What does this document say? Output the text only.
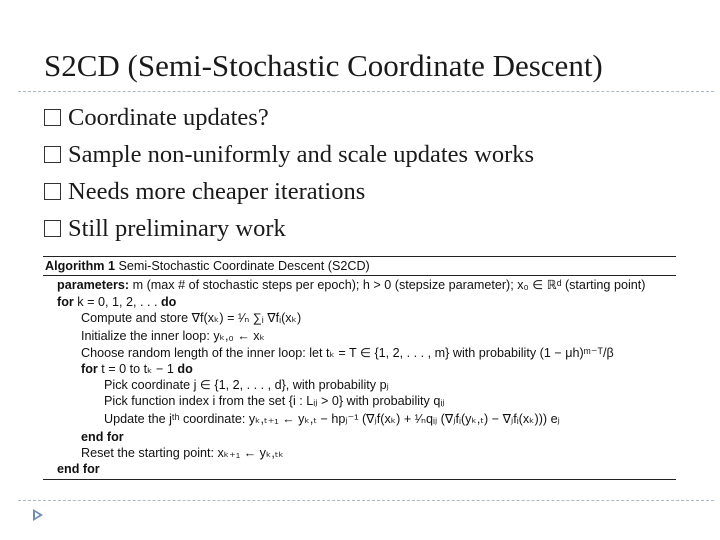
S2CD (Semi-Stochastic Coordinate Descent)
Coordinate updates?
Sample non-uniformly and scale updates works
Needs more cheaper iterations
Still preliminary work
Algorithm 1 Semi-Stochastic Coordinate Descent (S2CD)
parameters: m (max # of stochastic steps per epoch); h > 0 (stepsize parameter); x₀ ∈ ℝᵈ (starting point)
for k = 0, 1, 2, . . . do
Compute and store ∇f(xₖ) = ¹⁄ₙ ∑ᵢ ∇fᵢ(xₖ)
Initialize the inner loop: yₖ,₀ ← xₖ
Choose random length of the inner loop: let tₖ = T ∈ {1, 2, . . . , m} with probability (1 − μh)ᵐ⁻ᵀ/β
for t = 0 to tₖ − 1 do
Pick coordinate j ∈ {1, 2, . . . , d}, with probability pⱼ
Pick function index i from the set {i : Lᵢⱼ > 0} with probability qᵢⱼ
Update the jᵗʰ coordinate: yₖ,ₜ₊₁ ← yₖ,ₜ − hpⱼ⁻¹ (∇ⱼf(xₖ) + ¹⁄ₙqᵢⱼ (∇ⱼfᵢ(yₖ,ₜ) − ∇ⱼfᵢ(xₖ))) eⱼ
end for
Reset the starting point: xₖ₊₁ ← yₖ,ₜₖ
end for
